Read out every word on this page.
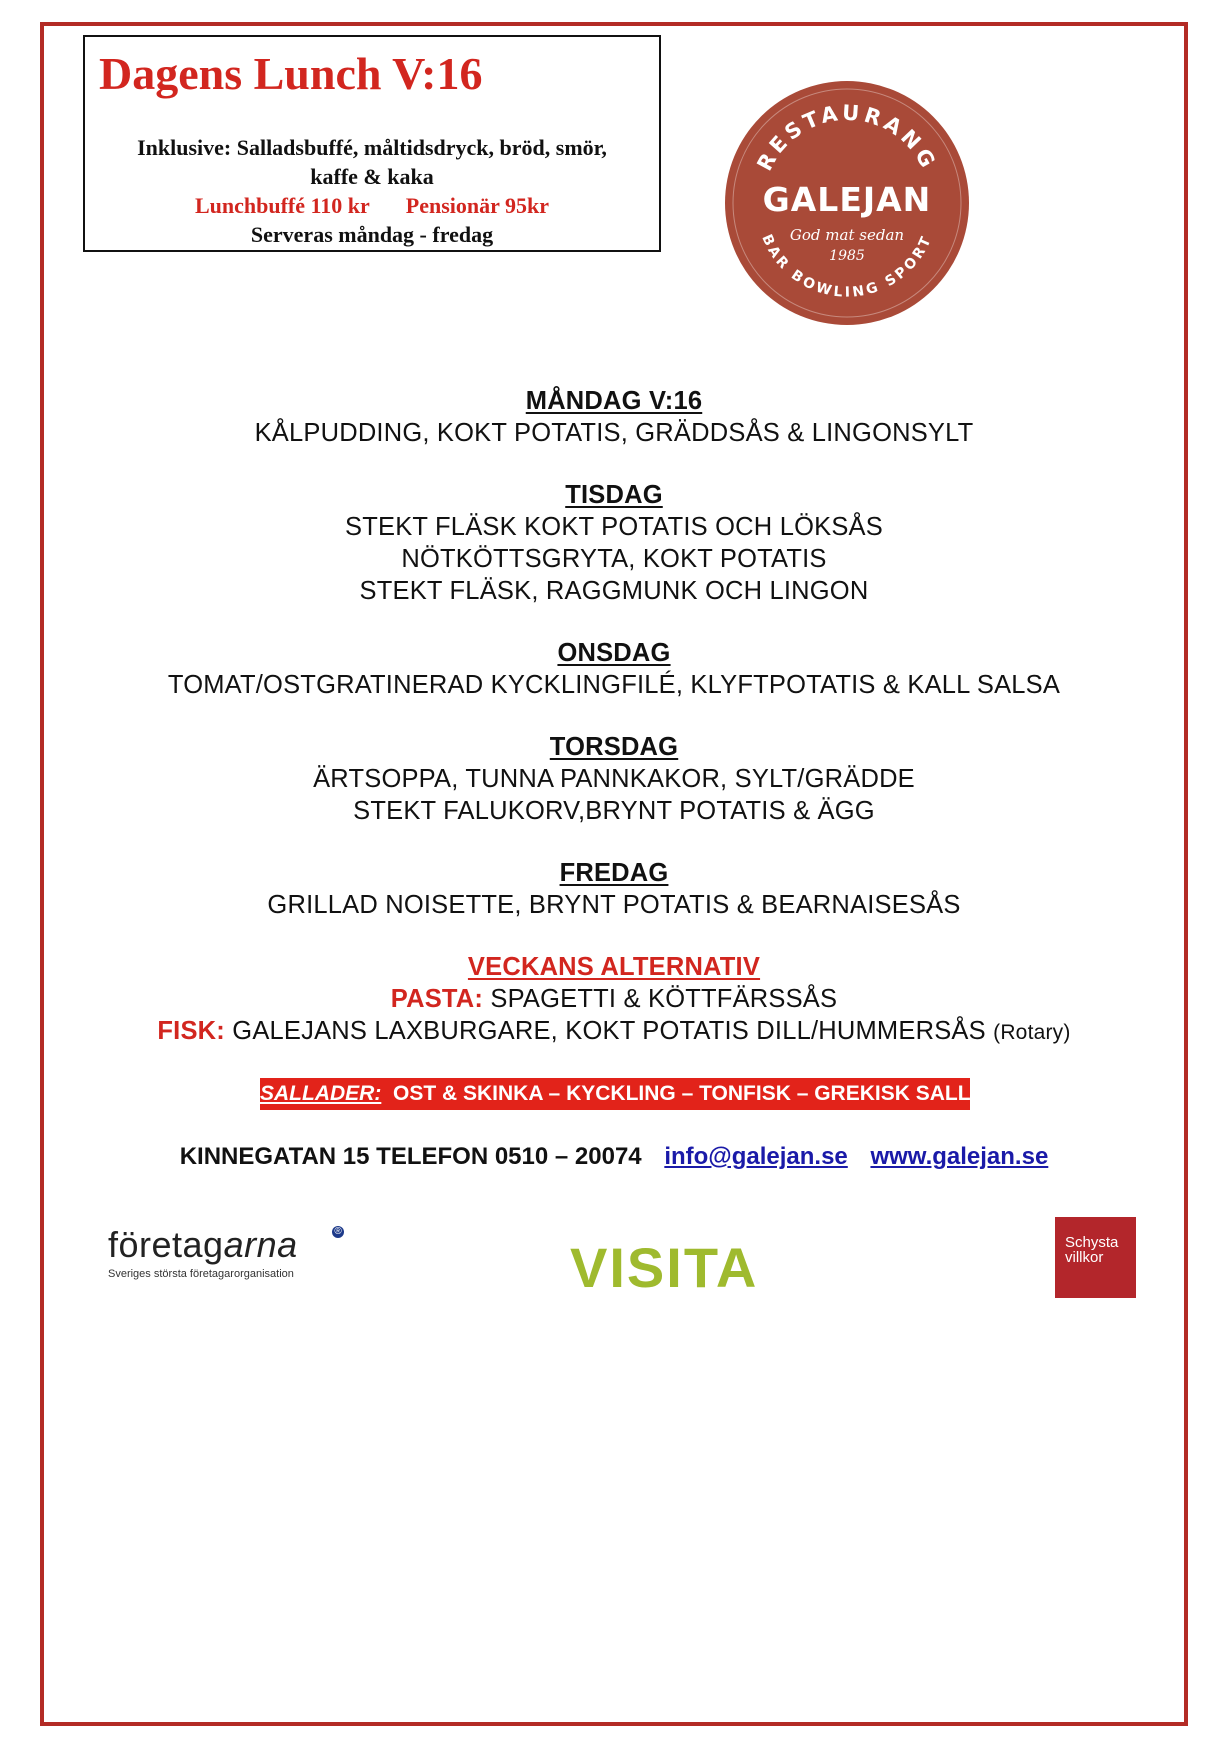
Dagens Lunch V:16
Inklusive: Salladsbuffé, måltidsdryck, bröd, smör,
kaffe & kaka
Lunchbuffé 110 kr Pensionär 95kr
Serveras måndag - fredag
RESTAURANG
GALEJAN
God mat sedan
1985
BAR BOWLING SPORT
MÅNDAG V:16
KÅLPUDDING, KOKT POTATIS, GRÄDDSÅS & LINGONSYLT
TISDAG
STEKT FLÄSK KOKT POTATIS OCH LÖKSÅS
NÖTKÖTTSGRYTA, KOKT POTATIS
STEKT FLÄSK, RAGGMUNK OCH LINGON
ONSDAG
TOMAT/OSTGRATINERAD KYCKLINGFILÉ, KLYFTPOTATIS & KALL SALSA
TORSDAG
ÄRTSOPPA, TUNNA PANNKAKOR, SYLT/GRÄDDE
STEKT FALUKORV,BRYNT POTATIS & ÄGG
FREDAG
GRILLAD NOISETTE, BRYNT POTATIS & BEARNAISESÅS
VECKANS ALTERNATIV
PASTA: SPAGETTI & KÖTTFÄRSSÅS
FISK: GALEJANS LAXBURGARE, KOKT POTATIS DILL/HUMMERSÅS (Rotary)
SALLADER: OST & SKINKA – KYCKLING – TONFISK – GREKISK SALLAD
KINNEGATAN 15 TELEFON 0510 – 20074 info@galejan.se www.galejan.se
företagarna	®
Sveriges största företagarorganisation	VISITA	Schysta
villkor
